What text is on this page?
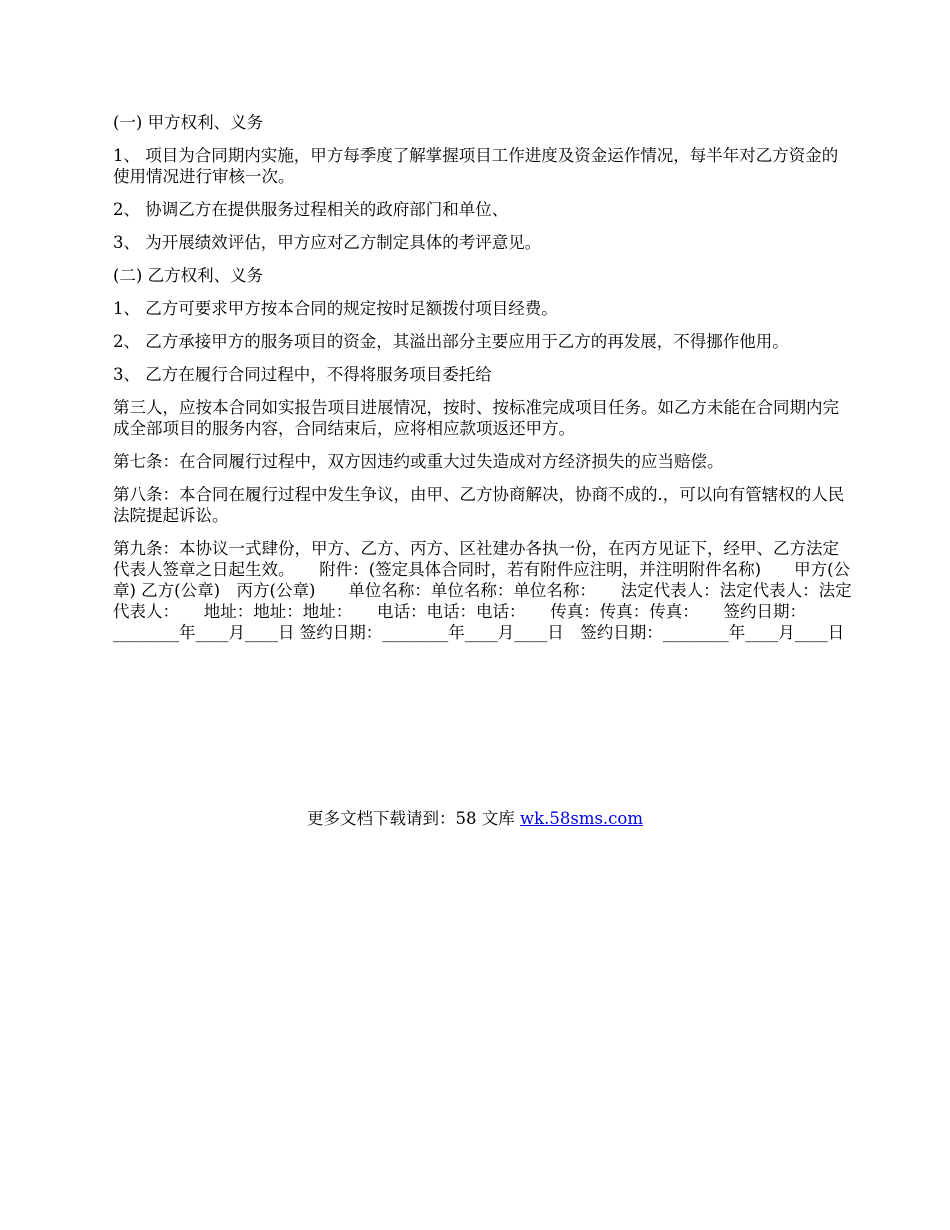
(一) 甲方权利、义务

1、 项目为合同期内实施，甲方每季度了解掌握项目工作进度及资金运作情况，每半年对乙方资金的使用情况进行审核一次。

2、 协调乙方在提供服务过程相关的政府部门和单位、

3、 为开展绩效评估，甲方应对乙方制定具体的考评意见。

(二) 乙方权利、义务

1、 乙方可要求甲方按本合同的规定按时足额拨付项目经费。

2、 乙方承接甲方的服务项目的资金，其溢出部分主要应用于乙方的再发展，不得挪作他用。

3、 乙方在履行合同过程中，不得将服务项目委托给

第三人，应按本合同如实报告项目进展情况，按时、按标准完成项目任务。如乙方未能在合同期内完成全部项目的服务内容，合同结束后，应将相应款项返还甲方。

第七条：在合同履行过程中，双方因违约或重大过失造成对方经济损失的应当赔偿。

第八条：本合同在履行过程中发生争议，由甲、乙方协商解决，协商不成的.，可以向有管辖权的人民法院提起诉讼。

第九条：本协议一式肆份，甲方、乙方、丙方、区社建办各执一份，在丙方见证下，经甲、乙方法定代表人签章之日起生效。　　附件：(签定具体合同时，若有附件应注明，并注明附件名称)　　甲方(公章) 乙方(公章)　丙方(公章)　　单位名称：单位名称：单位名称：　　法定代表人：法定代表人：法定代表人：　　地址：地址：地址：　　电话：电话：电话：　　传真：传真：传真：　　签约日期：________年____月____日 签约日期：________年____月____日　签约日期：________年____月____日

更多文档下载请到：58 文库 wk.58sms.com
